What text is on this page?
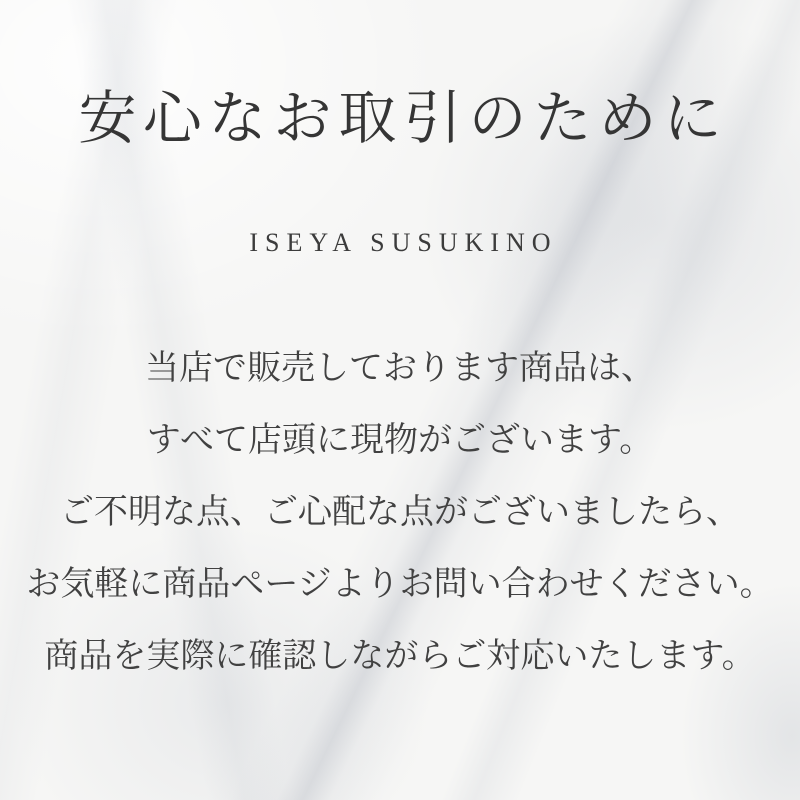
安心なお取引のために
ISEYA SUSUKINO

当店で販売しております商品は、

すべて店頭に現物がございます。

ご不明な点、ご心配な点がございましたら、

お気軽に商品ページよりお問い合わせください。

商品を実際に確認しながらご対応いたします。
